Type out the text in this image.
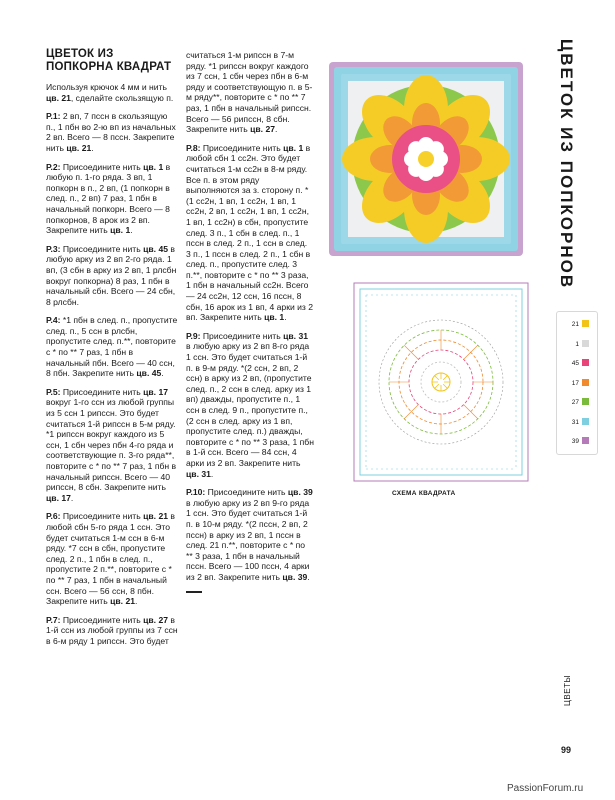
ЦВЕТОК ИЗ ПОПКОРНА КВАДРАТ

Используя крючок 4 мм и нить цв. 21, сделайте скользящую п.

Р.1: 2 вп, 7 пссн в скользящую п., 1 пбн во 2-ю вп из начальных 2 вп. Всего — 8 пссн. Закрепите нить цв. 21.

Р.2: Присоедините нить цв. 1 в любую п. 1-го ряда. 3 вп, 1 попкорн в п., 2 вп, (1 попкорн в след. п., 2 вп) 7 раз, 1 пбн в начальный попкорн. Всего — 8 попкорнов, 8 арок из 2 вп. Закрепите нить цв. 1.

Р.3: Присоедините нить цв. 45 в любую арку из 2 вп 2-го ряда. 1 вп, (3 сбн в арку из 2 вп, 1 рлсбн вокруг попкорна) 8 раз, 1 пбн в начальный сбн. Всего — 24 сбн, 8 рлсбн.

Р.4: *1 пбн в след. п., пропустите след. п., 5 ссн в рлсбн, пропустите след. п.**, повторите с * по ** 7 раз, 1 пбн в начальный пбн. Всего — 40 ссн, 8 пбн. Закрепите нить цв. 45.

Р.5: Присоедините нить цв. 17 вокруг 1-го ссн из любой группы из 5 ссн 1 рипссн. Это будет считаться 1-й рипссн в 5-м ряду. *1 рипссн вокруг каждого из 5 ссн, 1 сбн через пбн 4-го ряда и соответствующие п. 3-го ряда**, повторите с * по ** 7 раз, 1 пбн в начальный рипссн. Всего — 40 рипссн, 8 сбн. Закрепите нить цв. 17.

Р.6: Присоедините нить цв. 21 в любой сбн 5-го ряда 1 ссн. Это будет считаться 1-м ссн в 6-м ряду. *7 ссн в сбн, пропустите след. 2 п., 1 пбн в след. п., пропустите 2 п.**, повторите с * по ** 7 раз, 1 пбн в начальный ссн. Всего — 56 ссн, 8 пбн. Закрепите нить цв. 21.

Р.7: Присоедините нить цв. 27 в 1-й ссн из любой группы из 7 ссн в 6-м ряду 1 рипссн. Это будет

считаться 1-м рипссн в 7-м ряду. *1 рипссн вокруг каждого из 7 ссн, 1 сбн через пбн в 6-м ряду и соответствующую п. в 5-м ряду**, повторите с * по ** 7 раз, 1 пбн в начальный рипссн. Всего — 56 рипссн, 8 сбн. Закрепите нить цв. 27.

Р.8: Присоедините нить цв. 1 в любой сбн 1 сс2н. Это будет считаться 1-м сс2н в 8-м ряду. Все п. в этом ряду выполняются за з. сторону п. *(1 сс2н, 1 вп, 1 сс2н, 1 вп, 1 сс2н, 2 вп, 1 сс2н, 1 вп, 1 сс2н, 1 вп, 1 сс2н) в сбн, пропустите след. 3 п., 1 сбн в след. п., 1 пссн в след. 2 п., 1 ссн в след. 3 п., 1 пссн в след. 2 п., 1 сбн в след. п., пропустите след. 3 п.**, повторите с * по ** 3 раза, 1 пбн в начальный сс2н. Всего — 24 сс2н, 12 ссн, 16 пссн, 8 сбн, 16 арок из 1 вп, 4 арки из 2 вп. Закрепите нить цв. 1.

Р.9: Присоедините нить цв. 31 в любую арку из 2 вп 8-го ряда 1 ссн. Это будет считаться 1-й п. в 9-м ряду. *(2 ссн, 2 вп, 2 ссн) в арку из 2 вп, (пропустите след. п., 2 ссн в след. арку из 1 вп) дважды, пропустите п., 1 ссн в след. 9 п., пропустите п., (2 ссн в след. арку из 1 вп, пропустите след. п.) дважды, повторите с * по ** 3 раза, 1 пбн в 1-й ссн. Всего — 84 ссн, 4 арки из 2 вп. Закрепите нить цв. 31.

Р.10: Присоедините нить цв. 39 в любую арку из 2 вп 9-го ряда 1 ссн. Это будет считаться 1-й п. в 10-м ряду. *(2 пссн, 2 вп, 2 пссн) в арку из 2 вп, 1 пссн в след. 21 п.**, повторите с * по ** 3 раза, 1 пбн в начальный пссн. Всего — 100 пссн, 4 арки из 2 вп. Закрепите нить цв. 39.

ЦВЕТОК ИЗ ПОПКОРНОВ
СХЕМА КВАДРАТА
21
1
45
17
27
31
39
ЦВЕТЫ
99
PassionForum.ru
